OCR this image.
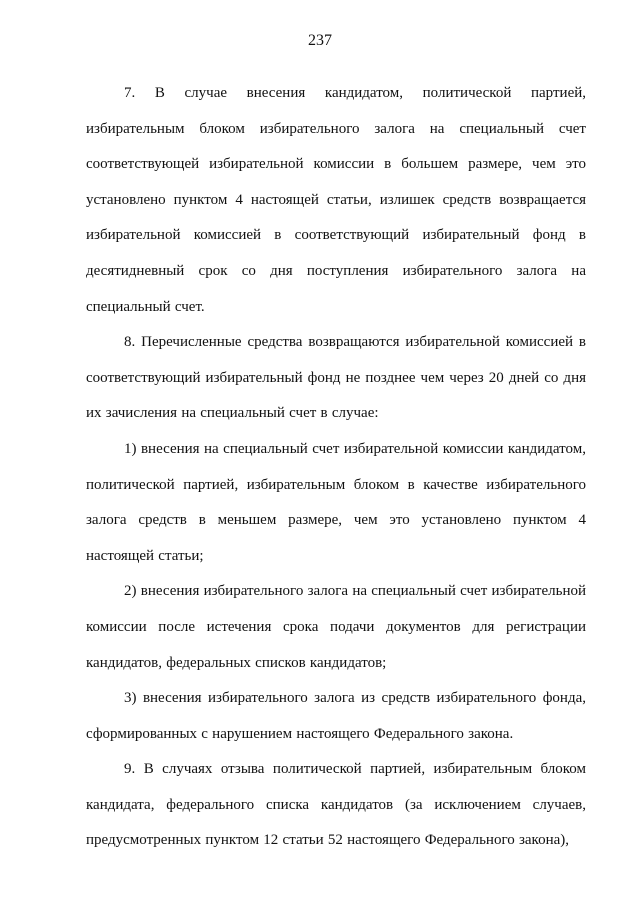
237

7. В случае внесения кандидатом, политической партией, избирательным блоком избирательного залога на специальный счет соответствующей избирательной комиссии в большем размере, чем это установлено пунктом 4 настоящей статьи, излишек средств возвращается избирательной комиссией в соответствующий избирательный фонд в десятидневный срок со дня поступления избирательного залога на специальный счет.

8. Перечисленные средства возвращаются избирательной комиссией в соответствующий избирательный фонд не позднее чем через 20 дней со дня их зачисления на специальный счет в случае:

1) внесения на специальный счет избирательной комиссии кандидатом, политической партией, избирательным блоком в качестве избирательного залога средств в меньшем размере, чем это установлено пунктом 4 настоящей статьи;

2) внесения избирательного залога на специальный счет избирательной комиссии после истечения срока подачи документов для регистрации кандидатов, федеральных списков кандидатов;

3) внесения избирательного залога из средств избирательного фонда, сформированных с нарушением настоящего Федерального закона.

9. В случаях отзыва политической партией, избирательным блоком кандидата, федерального списка кандидатов (за исключением случаев, предусмотренных пунктом 12 статьи 52 настоящего Федерального закона),
